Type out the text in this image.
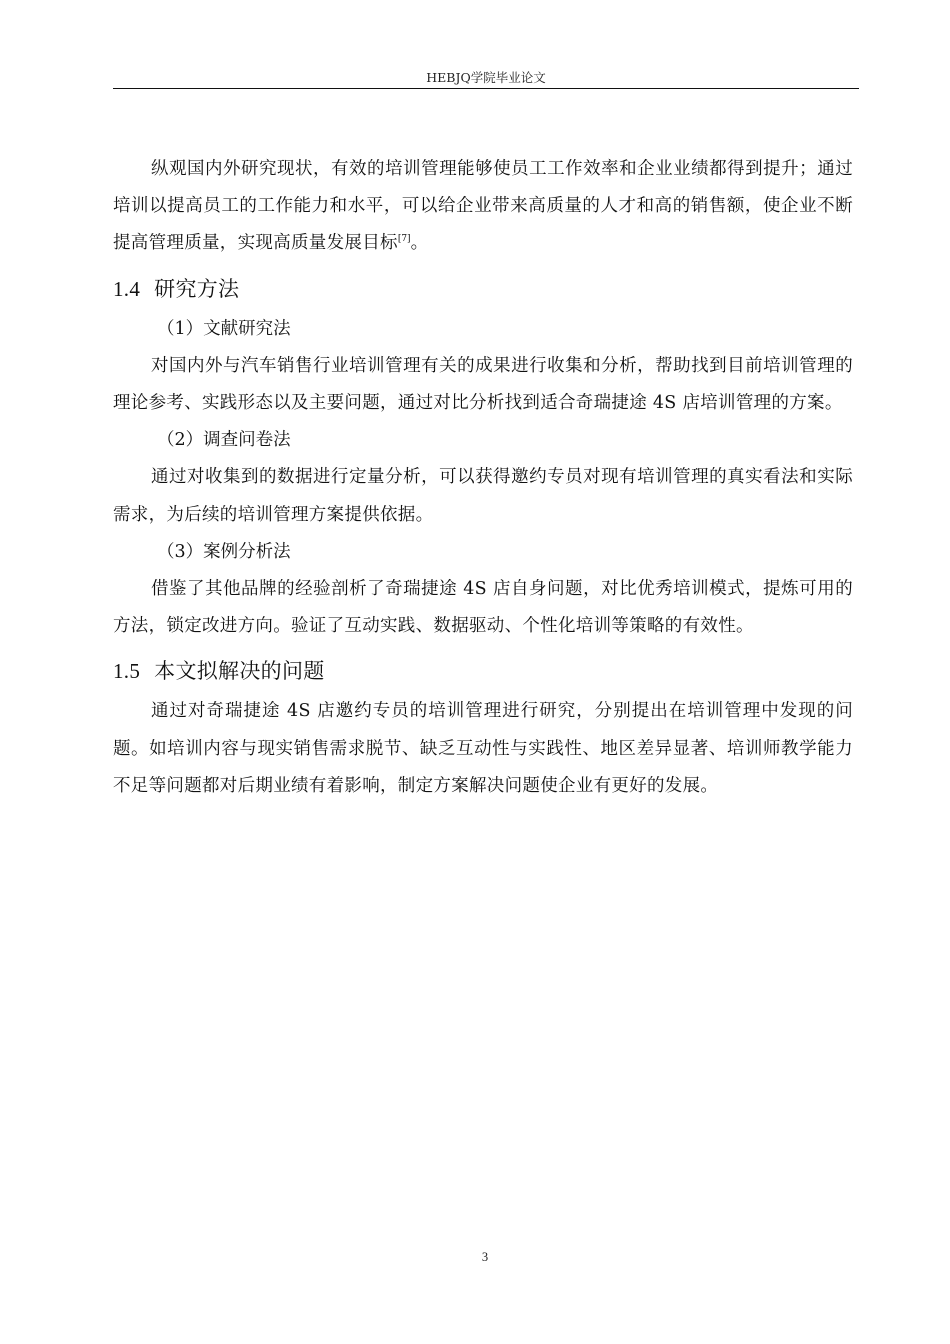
HEBJQ学院毕业论文

纵观国内外研究现状，有效的培训管理能够使员工工作效率和企业业绩都得到提升；通过培训以提高员工的工作能力和水平，可以给企业带来高质量的人才和高的销售额，使企业不断提高管理质量，实现高质量发展目标[7]。

1.4 研究方法

（1）文献研究法

对国内外与汽车销售行业培训管理有关的成果进行收集和分析，帮助找到目前培训管理的理论参考、实践形态以及主要问题，通过对比分析找到适合奇瑞捷途 4S 店培训管理的方案。

（2）调查问卷法

通过对收集到的数据进行定量分析，可以获得邀约专员对现有培训管理的真实看法和实际需求，为后续的培训管理方案提供依据。

（3）案例分析法

借鉴了其他品牌的经验剖析了奇瑞捷途 4S 店自身问题，对比优秀培训模式，提炼可用的方法，锁定改进方向。验证了互动实践、数据驱动、个性化培训等策略的有效性。

1.5 本文拟解决的问题

通过对奇瑞捷途 4S 店邀约专员的培训管理进行研究，分别提出在培训管理中发现的问题。如培训内容与现实销售需求脱节、缺乏互动性与实践性、地区差异显著、培训师教学能力不足等问题都对后期业绩有着影响，制定方案解决问题使企业有更好的发展。

3
